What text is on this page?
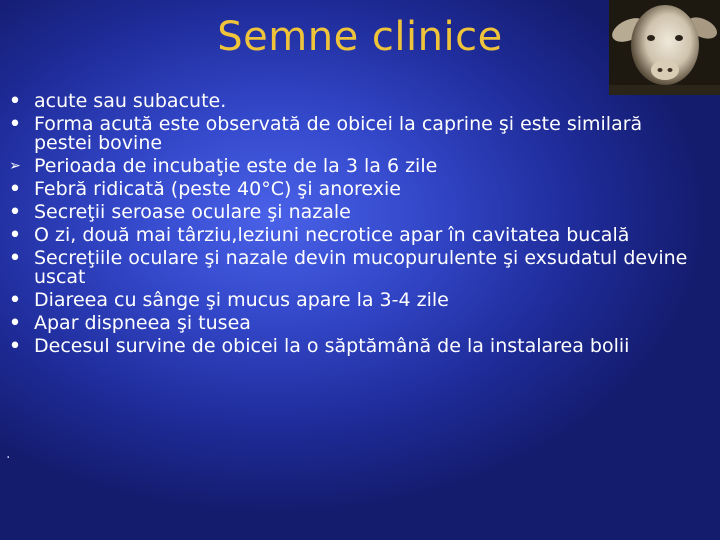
Semne clinice
• acute sau subacute.
• Forma acută este observată de obicei la caprine şi este similară pestei bovine
➢ Perioada de incubaţie este de la 3 la 6 zile
• Febră ridicată (peste 40°C) şi anorexie
• Secreţii seroase oculare şi nazale
• O zi, două mai târziu,leziuni necrotice apar în cavitatea bucală
• Secreţiile oculare şi nazale devin mucopurulente şi exsudatul devine uscat
• Diareea cu sânge şi mucus apare la 3-4 zile
• Apar dispneea şi tusea
• Decesul survine de obicei la o săptămână de la instalarea bolii
.
